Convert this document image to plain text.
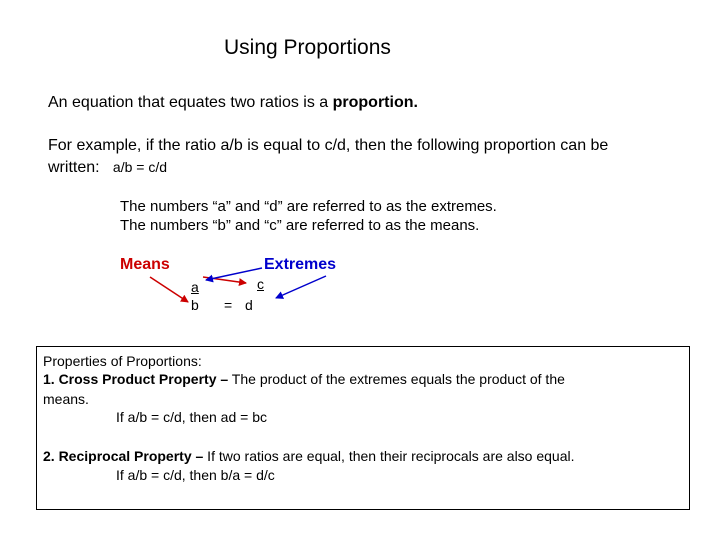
Using Proportions
An equation that equates two ratios is a proportion.
For example, if the ratio a/b is equal to c/d, then the following proportion can be
written: a/b = c/d
The numbers “a” and “d” are referred to as the extremes.
The numbers “b” and “c” are referred to as the means.
Means	Extremes
a
b =
c
d
Properties of Proportions:
1. Cross Product Property – The product of the extremes equals the product of the
means.
If a/b = c/d, then ad = bc
2. Reciprocal Property – If two ratios are equal, then their reciprocals are also equal.
If a/b = c/d, then b/a = d/c
